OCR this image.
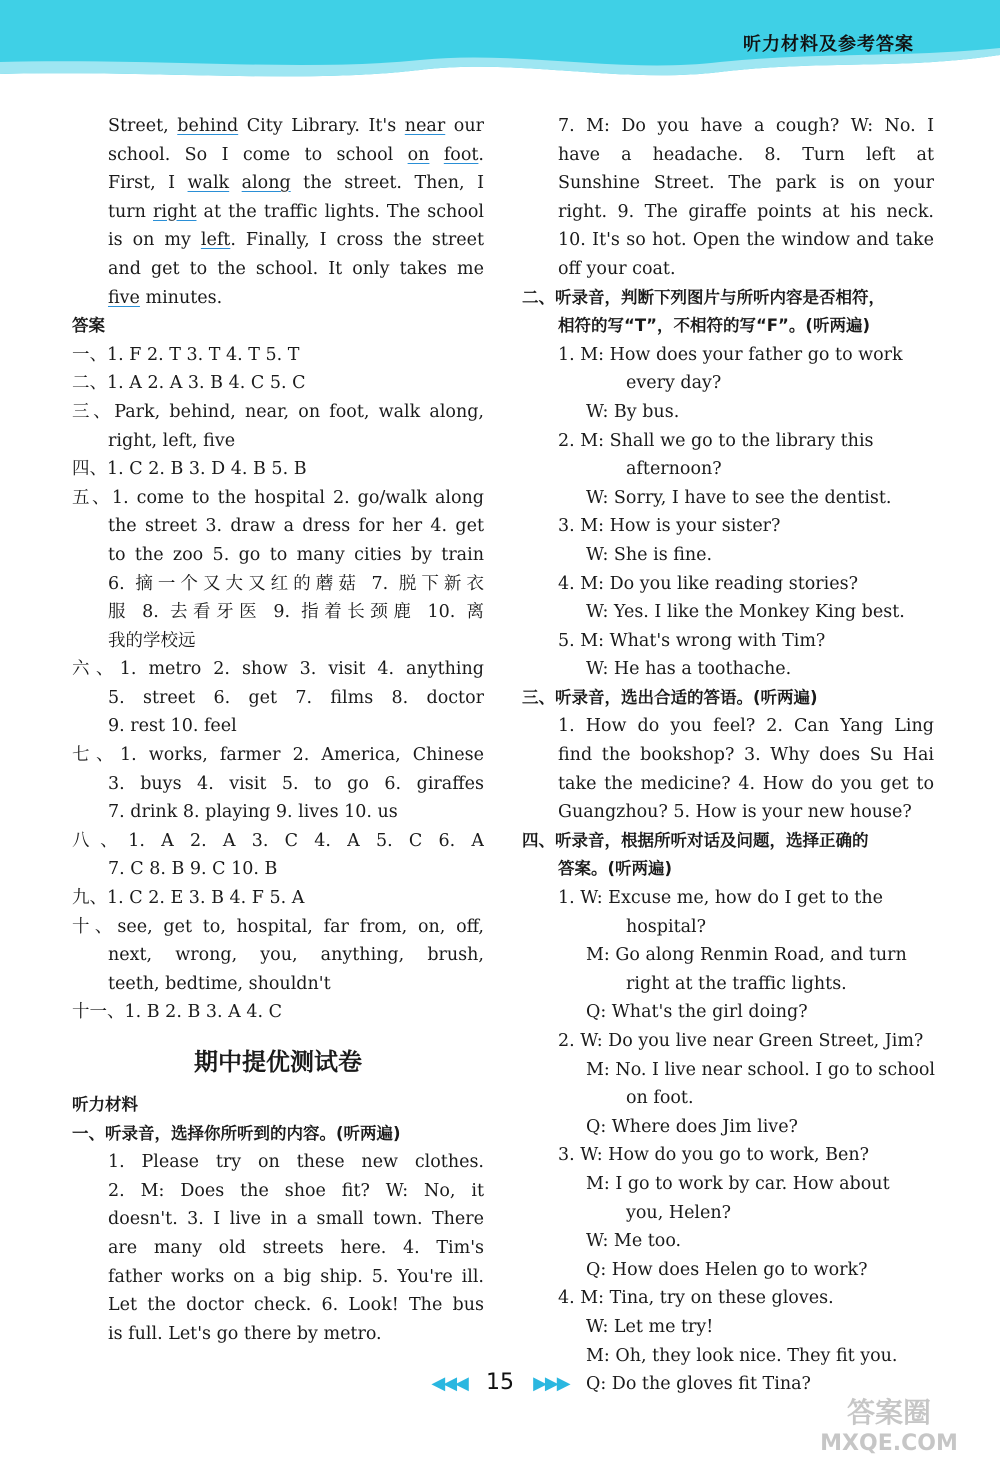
听力材料及参考答案
Street, behind City Library. It's near our
school. So I come to school on foot.
First, I walk along the street. Then, I
turn right at the traffic lights. The school
is on my left. Finally, I cross the street
and get to the school. It only takes me
five minutes.
答案
一、1. F 2. T 3. T 4. T 5. T
二、1. A 2. A 3. B 4. C 5. C
三、Park, behind, near, on foot, walk along,
right, left, five
四、1. C 2. B 3. D 4. B 5. B
五、1. come to the hospital 2. go/walk along
the street 3. draw a dress for her 4. get
to the zoo 5. go to many cities by train
6. 摘一个又大又红的蘑菇 7. 脱下新衣
服 8. 去看牙医 9. 指着长颈鹿 10. 离
我的学校远
六、1. metro 2. show 3. visit 4. anything
5. street 6. get 7. films 8. doctor
9. rest 10. feel
七、1. works, farmer 2. America, Chinese
3. buys 4. visit 5. to go 6. giraffes
7. drink 8. playing 9. lives 10. us
八、1. A 2. A 3. C 4. A 5. C 6. A
7. C 8. B 9. C 10. B
九、1. C 2. E 3. B 4. F 5. A
十、see, get to, hospital, far from, on, off,
next, wrong, you, anything, brush,
teeth, bedtime, shouldn't
十一、1. B 2. B 3. A 4. C
期中提优测试卷
听力材料
一、听录音，选择你所听到的内容。(听两遍)
1. Please try on these new clothes.
2. M: Does the shoe fit? W: No, it
doesn't. 3. I live in a small town. There
are many old streets here. 4. Tim's
father works on a big ship. 5. You're ill.
Let the doctor check. 6. Look! The bus
is full. Let's go there by metro.
7. M: Do you have a cough? W: No. I
have a headache. 8. Turn left at
Sunshine Street. The park is on your
right. 9. The giraffe points at his neck.
10. It's so hot. Open the window and take
off your coat.
二、听录音，判断下列图片与所听内容是否相符，
相符的写“T”，不相符的写“F”。(听两遍)
1. M: How does your father go to work
every day?
W: By bus.
2. M: Shall we go to the library this
afternoon?
W: Sorry, I have to see the dentist.
3. M: How is your sister?
W: She is fine.
4. M: Do you like reading stories?
W: Yes. I like the Monkey King best.
5. M: What's wrong with Tim?
W: He has a toothache.
三、听录音，选出合适的答语。(听两遍)
1. How do you feel? 2. Can Yang Ling
find the bookshop? 3. Why does Su Hai
take the medicine? 4. How do you get to
Guangzhou? 5. How is your new house?
四、听录音，根据所听对话及问题，选择正确的
答案。(听两遍)
1. W: Excuse me, how do I get to the
hospital?
M: Go along Renmin Road, and turn
right at the traffic lights.
Q: What's the girl doing?
2. W: Do you live near Green Street, Jim?
M: No. I live near school. I go to school
on foot.
Q: Where does Jim live?
3. W: How do you go to work, Ben?
M: I go to work by car. How about
you, Helen?
W: Me too.
Q: How does Helen go to work?
4. M: Tina, try on these gloves.
W: Let me try!
M: Oh, they look nice. They fit you.
Q: Do the gloves fit Tina?
◀◀◀ 15 ▶▶▶
答案圈
MXQE.COM
